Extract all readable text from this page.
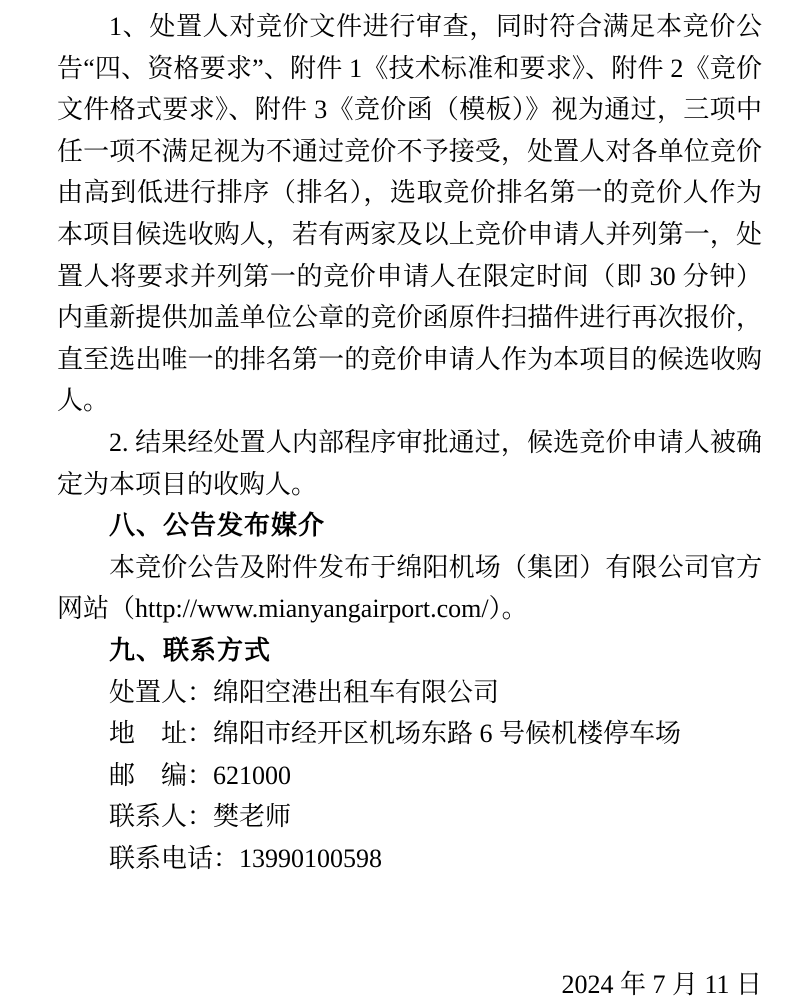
1、处置人对竞价文件进行审查，同时符合满足本竞价公告“四、资格要求”、附件 1《技术标准和要求》、附件 2《竞价文件格式要求》、附件 3《竞价函（模板）》视为通过，三项中任一项不满足视为不通过竞价不予接受，处置人对各单位竞价由高到低进行排序（排名），选取竞价排名第一的竞价人作为本项目候选收购人，若有两家及以上竞价申请人并列第一，处置人将要求并列第一的竞价申请人在限定时间（即 30 分钟）内重新提供加盖单位公章的竞价函原件扫描件进行再次报价，直至选出唯一的排名第一的竞价申请人作为本项目的候选收购人。

2. 结果经处置人内部程序审批通过，候选竞价申请人被确定为本项目的收购人。

八、公告发布媒介

本竞价公告及附件发布于绵阳机场（集团）有限公司官方网站（http://www.mianyangairport.com/）。

九、联系方式

处置人：绵阳空港出租车有限公司

地　址：绵阳市经开区机场东路 6 号候机楼停车场

邮　编：621000

联系人：樊老师

联系电话：13990100598

2024 年 7 月 11 日
